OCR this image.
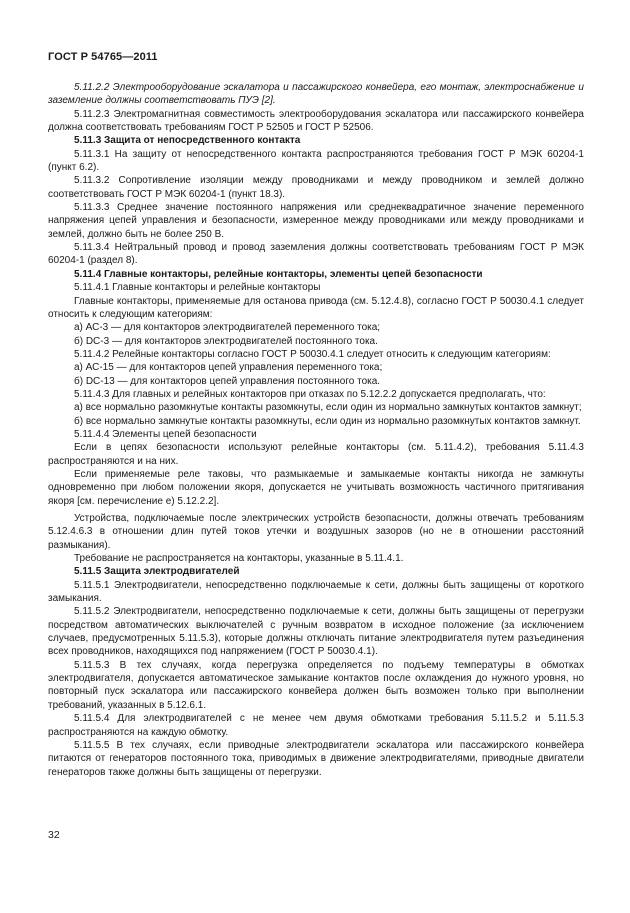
ГОСТ Р 54765—2011

5.11.2.2 Электрооборудование эскалатора и пассажирского конвейера, его монтаж, электроснабжение и заземление должны соответствовать ПУЭ [2].

5.11.2.3 Электромагнитная совместимость электрооборудования эскалатора или пассажирского конвейера должна соответствовать требованиям ГОСТ Р 52505 и ГОСТ Р 52506.

5.11.3 Защита от непосредственного контакта

5.11.3.1 На защиту от непосредственного контакта распространяются требования ГОСТ Р МЭК 60204-1 (пункт 6.2).

5.11.3.2 Сопротивление изоляции между проводниками и между проводником и землей должно соответствовать ГОСТ Р МЭК 60204-1 (пункт 18.3).

5.11.3.3 Среднее значение постоянного напряжения или среднеквадратичное значение переменного напряжения цепей управления и безопасности, измеренное между проводниками или между проводниками и землей, должно быть не более 250 В.

5.11.3.4 Нейтральный провод и провод заземления должны соответствовать требованиям ГОСТ Р МЭК 60204-1 (раздел 8).

5.11.4 Главные контакторы, релейные контакторы, элементы цепей безопасности

5.11.4.1 Главные контакторы и релейные контакторы

Главные контакторы, применяемые для останова привода (см. 5.12.4.8), согласно ГОСТ Р 50030.4.1 следует относить к следующим категориям:

а) АС-3 — для контакторов электродвигателей переменного тока;

б) DC-3 — для контакторов электродвигателей постоянного тока.

5.11.4.2 Релейные контакторы согласно ГОСТ Р 50030.4.1 следует относить к следующим категориям:

а) АС-15 — для контакторов цепей управления переменного тока;

б) DC-13 — для контакторов цепей управления постоянного тока.

5.11.4.3 Для главных и релейных контакторов при отказах по 5.12.2.2 допускается предполагать, что:

а) все нормально разомкнутые контакты разомкнуты, если один из нормально замкнутых контактов замкнут;

б) все нормально замкнутые контакты разомкнуты, если один из нормально разомкнутых контактов замкнут.

5.11.4.4 Элементы цепей безопасности

Если в цепях безопасности используют релейные контакторы (см. 5.11.4.2), требования 5.11.4.3 распространяются и на них.

Если применяемые реле таковы, что размыкаемые и замыкаемые контакты никогда не замкнуты одновременно при любом положении якоря, допускается не учитывать возможность частичного притягивания якоря [см. перечисление е) 5.12.2.2].

Устройства, подключаемые после электрических устройств безопасности, должны отвечать требованиям 5.12.4.6.3 в отношении длин путей токов утечки и воздушных зазоров (но не в отношении расстояний размыкания).

Требование не распространяется на контакторы, указанные в 5.11.4.1.

5.11.5 Защита электродвигателей

5.11.5.1 Электродвигатели, непосредственно подключаемые к сети, должны быть защищены от короткого замыкания.

5.11.5.2 Электродвигатели, непосредственно подключаемые к сети, должны быть защищены от перегрузки посредством автоматических выключателей с ручным возвратом в исходное положение (за исключением случаев, предусмотренных 5.11.5.3), которые должны отключать питание электродвигателя путем разъединения всех проводников, находящихся под напряжением (ГОСТ Р 50030.4.1).

5.11.5.3 В тех случаях, когда перегрузка определяется по подъему температуры в обмотках электродвигателя, допускается автоматическое замыкание контактов после охлаждения до нужного уровня, но повторный пуск эскалатора или пассажирского конвейера должен быть возможен только при выполнении требований, указанных в 5.12.6.1.

5.11.5.4 Для электродвигателей с не менее чем двумя обмотками требования 5.11.5.2 и 5.11.5.3 распространяются на каждую обмотку.

5.11.5.5 В тех случаях, если приводные электродвигатели эскалатора или пассажирского конвейера питаются от генераторов постоянного тока, приводимых в движение электродвигателями, приводные двигатели генераторов также должны быть защищены от перегрузки.

32
